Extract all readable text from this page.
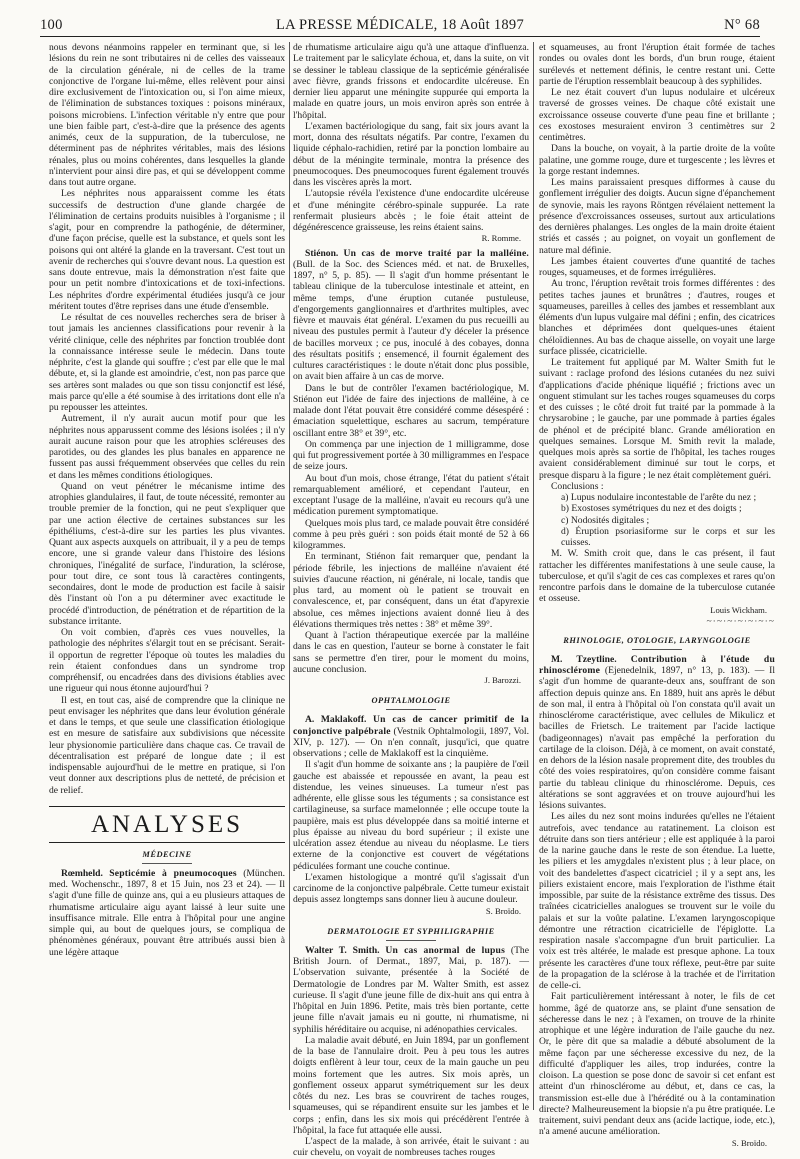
100	LA PRESSE MÉDICALE, 18 Août 1897	N° 68

nous devons néanmoins rappeler en terminant que, si les lésions du rein ne sont tributaires ni de celles des vaisseaux de la circulation générale, ni de celles de la trame conjonctive de l'organe lui-même, elles relèvent pour ainsi dire exclusivement de l'intoxication ou, si l'on aime mieux, de l'élimination de substances toxiques : poisons minéraux, poisons microbiens. L'infection véritable n'y entre que pour une bien faible part, c'est-à-dire que la présence des agents animés, ceux de la suppuration, de la tuberculose, ne déterminent pas de néphrites véritables, mais des lésions rénales, plus ou moins cohérentes, dans lesquelles la glande n'intervient pour ainsi dire pas, et qui se développent comme dans tout autre organe.

Les néphrites nous apparaissent comme les états successifs de destruction d'une glande chargée de l'élimination de certains produits nuisibles à l'organisme ; il s'agit, pour en comprendre la pathogénie, de déterminer, d'une façon précise, quelle est la substance, et quels sont les poisons qui ont altéré la glande en la traversant. C'est tout un avenir de recherches qui s'ouvre devant nous. La question est sans doute entrevue, mais la démonstration n'est faite que pour un petit nombre d'intoxications et de toxi-infections. Les néphrites d'ordre expérimental étudiées jusqu'à ce jour méritent toutes d'être reprises dans une étude d'ensemble.

Le résultat de ces nouvelles recherches sera de briser à tout jamais les anciennes classifications pour revenir à la vérité clinique, celle des néphrites par fonction troublée dont la connaissance intéresse seule le médecin. Dans toute néphrite, c'est la glande qui souffre ; c'est par elle que le mal débute, et, si la glande est amoindrie, c'est, non pas parce que ses artères sont malades ou que son tissu conjonctif est lésé, mais parce qu'elle a été soumise à des irritations dont elle n'a pu repousser les atteintes.

Autrement, il n'y aurait aucun motif pour que les néphrites nous apparussent comme des lésions isolées ; il n'y aurait aucune raison pour que les atrophies scléreuses des parotides, ou des glandes les plus banales en apparence ne fussent pas aussi fréquemment observées que celles du rein et dans les mêmes conditions étiologiques.

Quand on veut pénétrer le mécanisme intime des atrophies glandulaires, il faut, de toute nécessité, remonter au trouble premier de la fonction, qui ne peut s'expliquer que par une action élective de certaines substances sur les épithéliums, c'est-à-dire sur les parties les plus vivantes. Quant aux aspects auxquels on attribuait, il y a peu de temps encore, une si grande valeur dans l'histoire des lésions chroniques, l'inégalité de surface, l'induration, la sclérose, pour tout dire, ce sont tous là caractères contingents, secondaires, dont le mode de production est facile à saisir dès l'instant où l'on a pu déterminer avec exactitude le procédé d'introduction, de pénétration et de répartition de la substance irritante.

On voit combien, d'après ces vues nouvelles, la pathologie des néphrites s'élargit tout en se précisant. Serait-il opportun de regretter l'époque où toutes les maladies du rein étaient confondues dans un syndrome trop compréhensif, ou encadrées dans des divisions établies avec une rigueur qui nous étonne aujourd'hui ?

Il est, en tout cas, aisé de comprendre que la clinique ne peut envisager les néphrites que dans leur évolution générale et dans le temps, et que seule une classification étiologique est en mesure de satisfaire aux subdivisions que nécessite leur physionomie particulière dans chaque cas. Ce travail de décentralisation est préparé de longue date ; il est indispensable aujourd'hui de le mettre en pratique, si l'on veut donner aux descriptions plus de netteté, de précision et de relief.

ANALYSES
MÉDECINE

Rœmheld. Septicémie à pneumocoques (München. med. Wochenschr., 1897, 8 et 15 Juin, nos 23 et 24). — Il s'agit d'une fille de quinze ans, qui a eu plusieurs attaques de rhumatisme articulaire aigu ayant laissé à leur suite une insuffisance mitrale. Elle entra à l'hôpital pour une angine simple qui, au bout de quelques jours, se compliqua de phénomènes généraux, pouvant être attribués aussi bien à une légère attaque

de rhumatisme articulaire aigu qu'à une attaque d'influenza. Le traitement par le salicylate échoua, et, dans la suite, on vit se dessiner le tableau classique de la septicémie généralisée avec fièvre, grands frissons et endocardite ulcéreuse. En dernier lieu apparut une méningite suppurée qui emporta la malade en quatre jours, un mois environ après son entrée à l'hôpital.

L'examen bactériologique du sang, fait six jours avant la mort, donna des résultats négatifs. Par contre, l'examen du liquide céphalo-rachidien, retiré par la ponction lombaire au début de la méningite terminale, montra la présence des pneumocoques. Des pneumocoques furent également trouvés dans les viscères après la mort.

L'autopsie révéla l'existence d'une endocardite ulcéreuse et d'une méningite cérébro-spinale suppurée. La rate renfermait plusieurs abcès ; le foie était atteint de dégénérescence graisseuse, les reins étaient sains.

R. Romme.

Stiénon. Un cas de morve traité par la malléine. (Bull. de la Soc. des Sciences méd. et nat. de Bruxelles, 1897, n° 5, p. 85). — Il s'agit d'un homme présentant le tableau clinique de la tuberculose intestinale et atteint, en même temps, d'une éruption cutanée pustuleuse, d'engorgements ganglionnaires et d'arthrites multiples, avec fièvre et mauvais état général. L'examen du pus recueilli au niveau des pustules permit à l'auteur d'y déceler la présence de bacilles morveux ; ce pus, inoculé à des cobayes, donna des résultats positifs ; ensemencé, il fournit également des cultures caractéristiques : le doute n'était donc plus possible, on avait bien affaire à un cas de morve.

Dans le but de contrôler l'examen bactériologique, M. Stiénon eut l'idée de faire des injections de malléine, à ce malade dont l'état pouvait être considéré comme désespéré : émaciation squelettique, eschares au sacrum, température oscillant entre 38° et 39°, etc.

On commença par une injection de 1 milligramme, dose qui fut progressivement portée à 30 milligrammes en l'espace de seize jours.

Au bout d'un mois, chose étrange, l'état du patient s'était remarquablement amélioré, et cependant l'auteur, en exceptant l'usage de la malléine, n'avait eu recours qu'à une médication purement symptomatique.

Quelques mois plus tard, ce malade pouvait être considéré comme à peu près guéri : son poids était monté de 52 à 66 kilogrammes.

En terminant, Stiénon fait remarquer que, pendant la période fébrile, les injections de malléine n'avaient été suivies d'aucune réaction, ni générale, ni locale, tandis que plus tard, au moment où le patient se trouvait en convalescence, et, par conséquent, dans un état d'apyrexie absolue, ces mêmes injections avaient donné lieu à des élévations thermiques très nettes : 38° et même 39°.

Quant à l'action thérapeutique exercée par la malléine dans le cas en question, l'auteur se borne à constater le fait sans se permettre d'en tirer, pour le moment du moins, aucune conclusion.

J. Barozzi.
OPHTALMOLOGIE

A. Maklakoff. Un cas de cancer primitif de la conjonctive palpébrale (Vestnik Ophtalmologii, 1897, Vol. XIV, p. 127). — On n'en connaît, jusqu'ici, que quatre observations ; celle de Maklakoff est la cinquième.

Il s'agit d'un homme de soixante ans ; la paupière de l'œil gauche est abaissée et repoussée en avant, la peau est distendue, les veines sinueuses. La tumeur n'est pas adhérente, elle glisse sous les téguments ; sa consistance est cartilagineuse, sa surface mamelonnée ; elle occupe toute la paupière, mais est plus développée dans sa moitié interne et plus épaisse au niveau du bord supérieur ; il existe une ulcération assez étendue au niveau du néoplasme. Le tiers externe de la conjonctive est couvert de végétations pédiculées formant une couche continue.

L'examen histologique a montré qu'il s'agissait d'un carcinome de la conjonctive palpébrale. Cette tumeur existait depuis assez longtemps sans donner lieu à aucune douleur.

S. Broïdo.
DERMATOLOGIE ET SYPHILIGRAPHIE

Walter T. Smith. Un cas anormal de lupus (The British Journ. of Dermat., 1897, Mai, p. 187). — L'observation suivante, présentée à la Société de Dermatologie de Londres par M. Walter Smith, est assez curieuse. Il s'agit d'une jeune fille de dix-huit ans qui entra à l'hôpital en Juin 1896. Petite, mais très bien portante, cette jeune fille n'avait jamais eu ni goutte, ni rhumatisme, ni syphilis héréditaire ou acquise, ni adénopathies cervicales.

La maladie avait débuté, en Juin 1894, par un gonflement de la base de l'annulaire droit. Peu à peu tous les autres doigts enflèrent à leur tour, ceux de la main gauche un peu moins fortement que les autres. Six mois après, un gonflement osseux apparut symétriquement sur les deux côtés du nez. Les bras se couvrirent de taches rouges, squameuses, qui se répandirent ensuite sur les jambes et le corps ; enfin, dans les six mois qui précédèrent l'entrée à l'hôpital, la face fut attaquée elle aussi.

L'aspect de la malade, à son arrivée, était le suivant : au cuir chevelu, on voyait de nombreuses taches rouges

et squameuses, au front l'éruption était formée de taches rondes ou ovales dont les bords, d'un brun rouge, étaient surélevés et nettement définis, le centre restant uni. Cette partie de l'éruption ressemblait beaucoup à des syphilides.

Le nez était couvert d'un lupus nodulaire et ulcéreux traversé de grosses veines. De chaque côté existait une excroissance osseuse couverte d'une peau fine et brillante ; ces exostoses mesuraient environ 3 centimètres sur 2 centimètres.

Dans la bouche, on voyait, à la partie droite de la voûte palatine, une gomme rouge, dure et turgescente ; les lèvres et la gorge restant indemnes.

Les mains paraissaient presques difformes à cause du gonflement irrégulier des doigts. Aucun signe d'épanchement de synovie, mais les rayons Röntgen révélaient nettement la présence d'excroissances osseuses, surtout aux articulations des dernières phalanges. Les ongles de la main droite étaient striés et cassés ; au poignet, on voyait un gonflement de nature mal définie.

Les jambes étaient couvertes d'une quantité de taches rouges, squameuses, et de formes irrégulières.

Au tronc, l'éruption revêtait trois formes différentes : des petites taches jaunes et brunâtres ; d'autres, rouges et squameuses, pareilles à celles des jambes et ressemblant aux éléments d'un lupus vulgaire mal défini ; enfin, des cicatrices blanches et déprimées dont quelques-unes étaient chéloïdiennes. Au bas de chaque aisselle, on voyait une large surface plissée, cicatricielle.

Le traitement fut appliqué par M. Walter Smith fut le suivant : raclage profond des lésions cutanées du nez suivi d'applications d'acide phénique liquéfié ; frictions avec un onguent stimulant sur les taches rouges squameuses du corps et des cuisses ; le côté droit fut traité par la pommade à la chrysarobine ; le gauche, par une pommade à parties égales de phénol et de précipité blanc. Grande amélioration en quelques semaines. Lorsque M. Smith revit la malade, quelques mois après sa sortie de l'hôpital, les taches rouges avaient considérablement diminué sur tout le corps, et presque disparu à la figure ; le nez était complètement guéri.

Conclusions :

a) Lupus nodulaire incontestable de l'arête du nez ;

b) Exostoses symétriques du nez et des doigts ;

c) Nodosités digitales ;

d) Éruption psoriasiforme sur le corps et sur les cuisses.

M. W. Smith croit que, dans le cas présent, il faut rattacher les différentes manifestations à une seule cause, la tuberculose, et qu'il s'agit de ces cas complexes et rares qu'on rencontre parfois dans le domaine de la tuberculose cutanée et osseuse.

Louis Wickham.
~·~·~·~·~·~·~
RHINOLOGIE, OTOLOGIE, LARYNGOLOGIE

M. Tzeytline. Contribution à l'étude du rhinosclérome (Ejenedelnik, 1897, n° 13, p. 183). — Il s'agit d'un homme de quarante-deux ans, souffrant de son affection depuis quinze ans. En 1889, huit ans après le début de son mal, il entra à l'hôpital où l'on constata qu'il avait un rhinosclérome caractéristique, avec cellules de Mikulicz et bacilles de Frietsch. Le traitement par l'acide lactique (badigeonnages) n'avait pas empêché la perforation du cartilage de la cloison. Déjà, à ce moment, on avait constaté, en dehors de la lésion nasale proprement dite, des troubles du côté des voies respiratoires, qu'on considère comme faisant partie du tableau clinique du rhinosclérome. Depuis, ces altérations se sont aggravées et on trouve aujourd'hui les lésions suivantes.

Les ailes du nez sont moins indurées qu'elles ne l'étaient autrefois, avec tendance au ratatinement. La cloison est détruite dans son tiers antérieur ; elle est appliquée à la paroi de la narine gauche dans le reste de son étendue. La luette, les piliers et les amygdales n'existent plus ; à leur place, on voit des bandelettes d'aspect cicatriciel ; il y a sept ans, les piliers existaient encore, mais l'exploration de l'isthme était impossible, par suite de la résistance extrême des tissus. Des traînées cicatricielles analogues se trouvent sur le voile du palais et sur la voûte palatine. L'examen laryngoscopique démontre une rétraction cicatricielle de l'épiglotte. La respiration nasale s'accompagne d'un bruit particulier. La voix est très altérée, le malade est presque aphone. La toux présente les caractères d'une toux réflexe, peut-être par suite de la propagation de la sclérose à la trachée et de l'irritation de celle-ci.

Fait particulièrement intéressant à noter, le fils de cet homme, âgé de quatorze ans, se plaint d'une sensation de sécheresse dans le nez ; à l'examen, on trouve de la rhinite atrophique et une légère induration de l'aile gauche du nez. Or, le père dit que sa maladie a débuté absolument de la même façon par une sécheresse excessive du nez, de la difficulté d'appliquer les ailes, trop indurées, contre la cloison. La question se pose donc de savoir si cet enfant est atteint d'un rhinosclérome au début, et, dans ce cas, la transmission est-elle due à l'hérédité ou à la contamination directe? Malheureusement la biopsie n'a pu être pratiquée. Le traitement, suivi pendant deux ans (acide lactique, iode, etc.), n'a amené aucune amélioration.

S. Broïdo.
